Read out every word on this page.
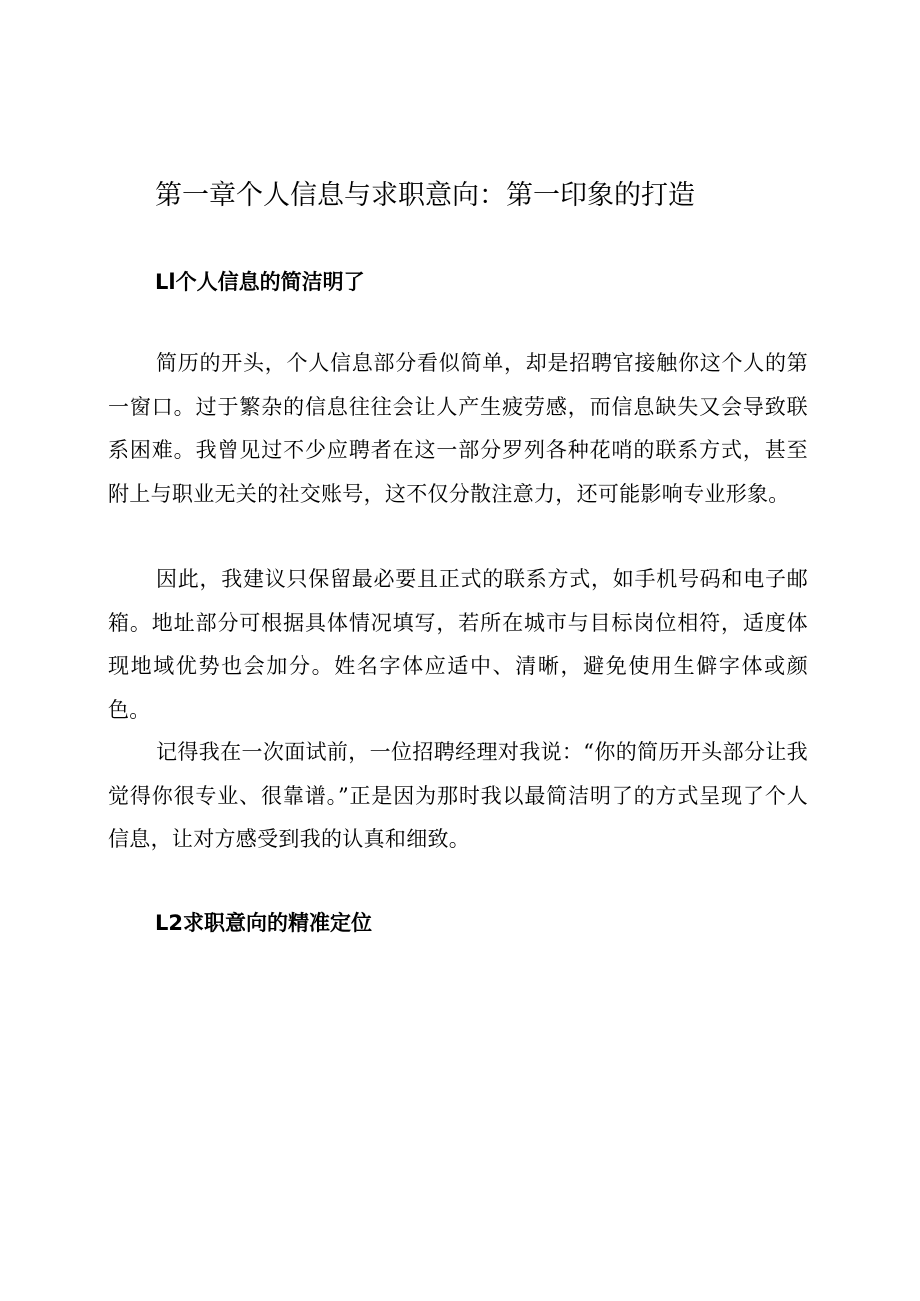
第一章个人信息与求职意向：第一印象的打造
Ll个人信息的简洁明了

简历的开头，个人信息部分看似简单，却是招聘官接触你这个人的第一窗口。过于繁杂的信息往往会让人产生疲劳感，而信息缺失又会导致联系困难。我曾见过不少应聘者在这一部分罗列各种花哨的联系方式，甚至附上与职业无关的社交账号，这不仅分散注意力，还可能影响专业形象。

因此，我建议只保留最必要且正式的联系方式，如手机号码和电子邮箱。地址部分可根据具体情况填写，若所在城市与目标岗位相符，适度体现地域优势也会加分。姓名字体应适中、清晰，避免使用生僻字体或颜色。

记得我在一次面试前，一位招聘经理对我说：“你的简历开头部分让我觉得你很专业、很靠谱。”正是因为那时我以最简洁明了的方式呈现了个人信息，让对方感受到我的认真和细致。

L2求职意向的精准定位
